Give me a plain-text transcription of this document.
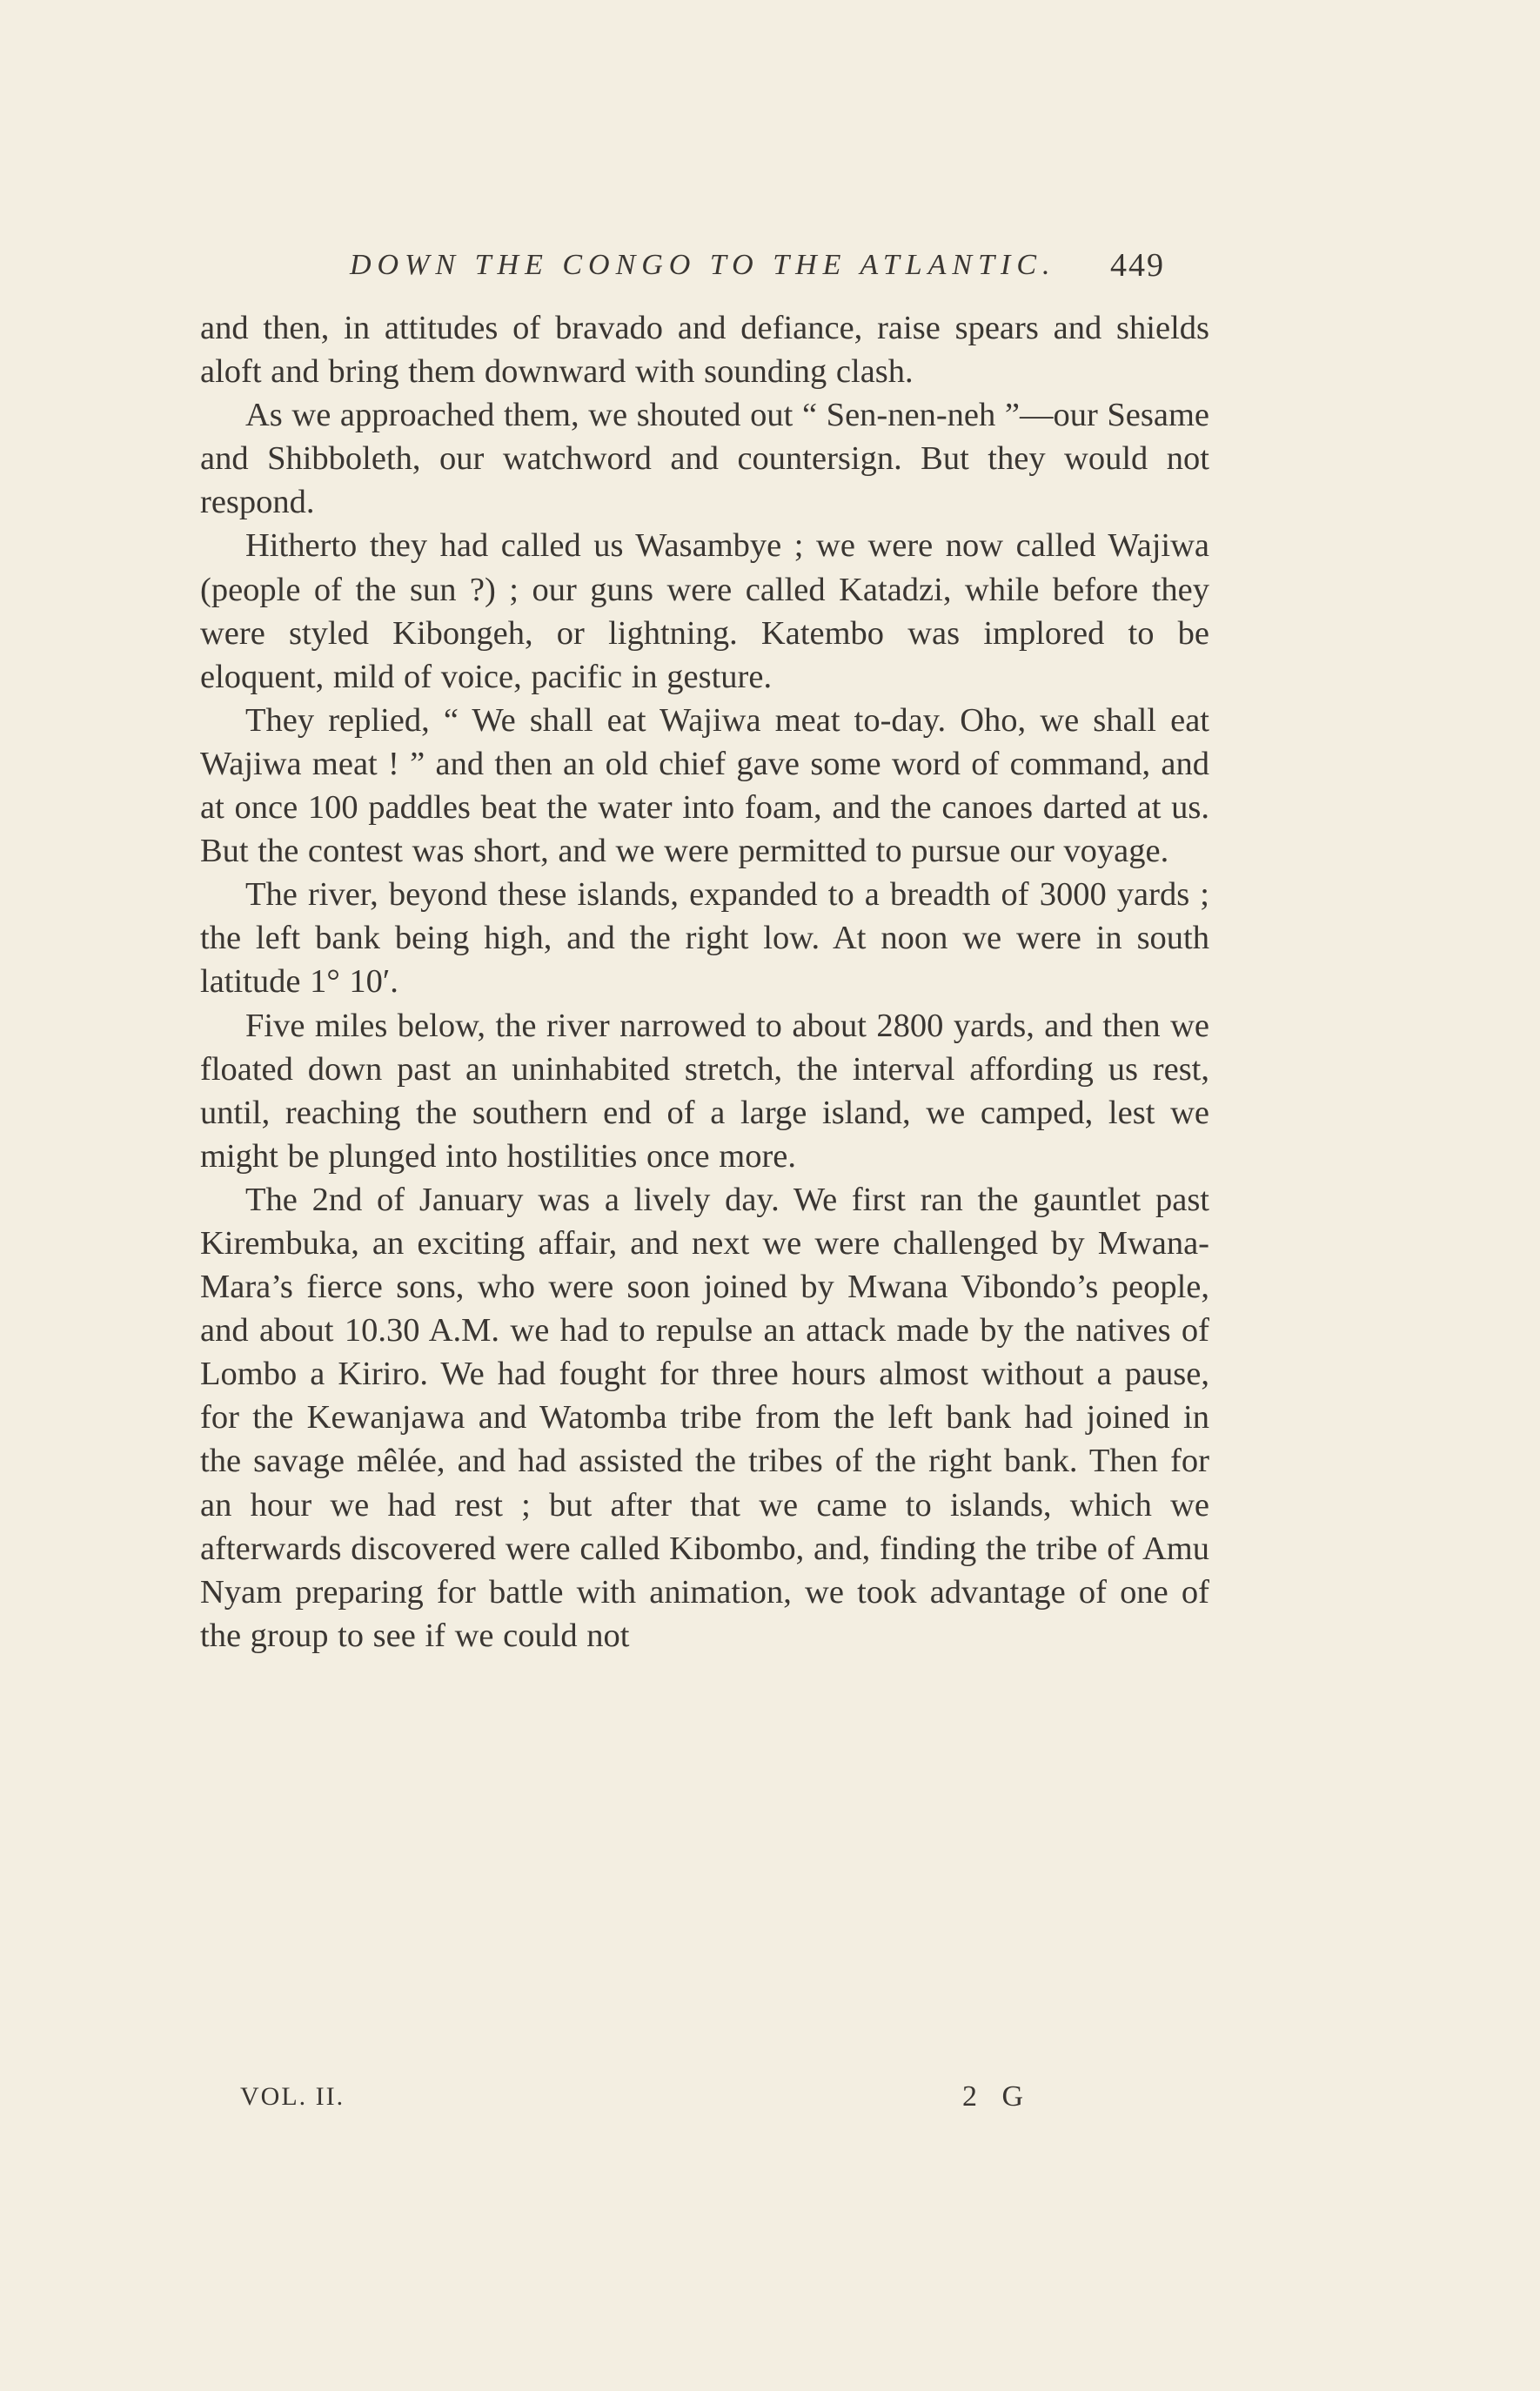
DOWN THE CONGO TO THE ATLANTIC. 449

and then, in attitudes of bravado and defiance, raise spears and shields aloft and bring them downward with sounding clash.

As we approached them, we shouted out “ Sen-nen-neh ”—our Sesame and Shibboleth, our watchword and countersign. But they would not respond.

Hitherto they had called us Wasambye ; we were now called Wajiwa (people of the sun ?) ; our guns were called Katadzi, while before they were styled Kibongeh, or lightning. Katembo was implored to be eloquent, mild of voice, pacific in gesture.

They replied, “ We shall eat Wajiwa meat to-day. Oho, we shall eat Wajiwa meat ! ” and then an old chief gave some word of command, and at once 100 paddles beat the water into foam, and the canoes darted at us. But the contest was short, and we were permitted to pursue our voyage.

The river, beyond these islands, expanded to a breadth of 3000 yards ; the left bank being high, and the right low. At noon we were in south latitude 1° 10′.

Five miles below, the river narrowed to about 2800 yards, and then we floated down past an uninhabited stretch, the interval affording us rest, until, reaching the southern end of a large island, we camped, lest we might be plunged into hostilities once more.

The 2nd of January was a lively day. We first ran the gauntlet past Kirembuka, an exciting affair, and next we were challenged by Mwana-Mara’s fierce sons, who were soon joined by Mwana Vibondo’s people, and about 10.30 A.M. we had to repulse an attack made by the natives of Lombo a Kiriro. We had fought for three hours almost without a pause, for the Kewanjawa and Watomba tribe from the left bank had joined in the savage mêlée, and had assisted the tribes of the right bank. Then for an hour we had rest ; but after that we came to islands, which we afterwards discovered were called Kibombo, and, finding the tribe of Amu Nyam preparing for battle with animation, we took advantage of one of the group to see if we could not

VOL. II.	2 G
